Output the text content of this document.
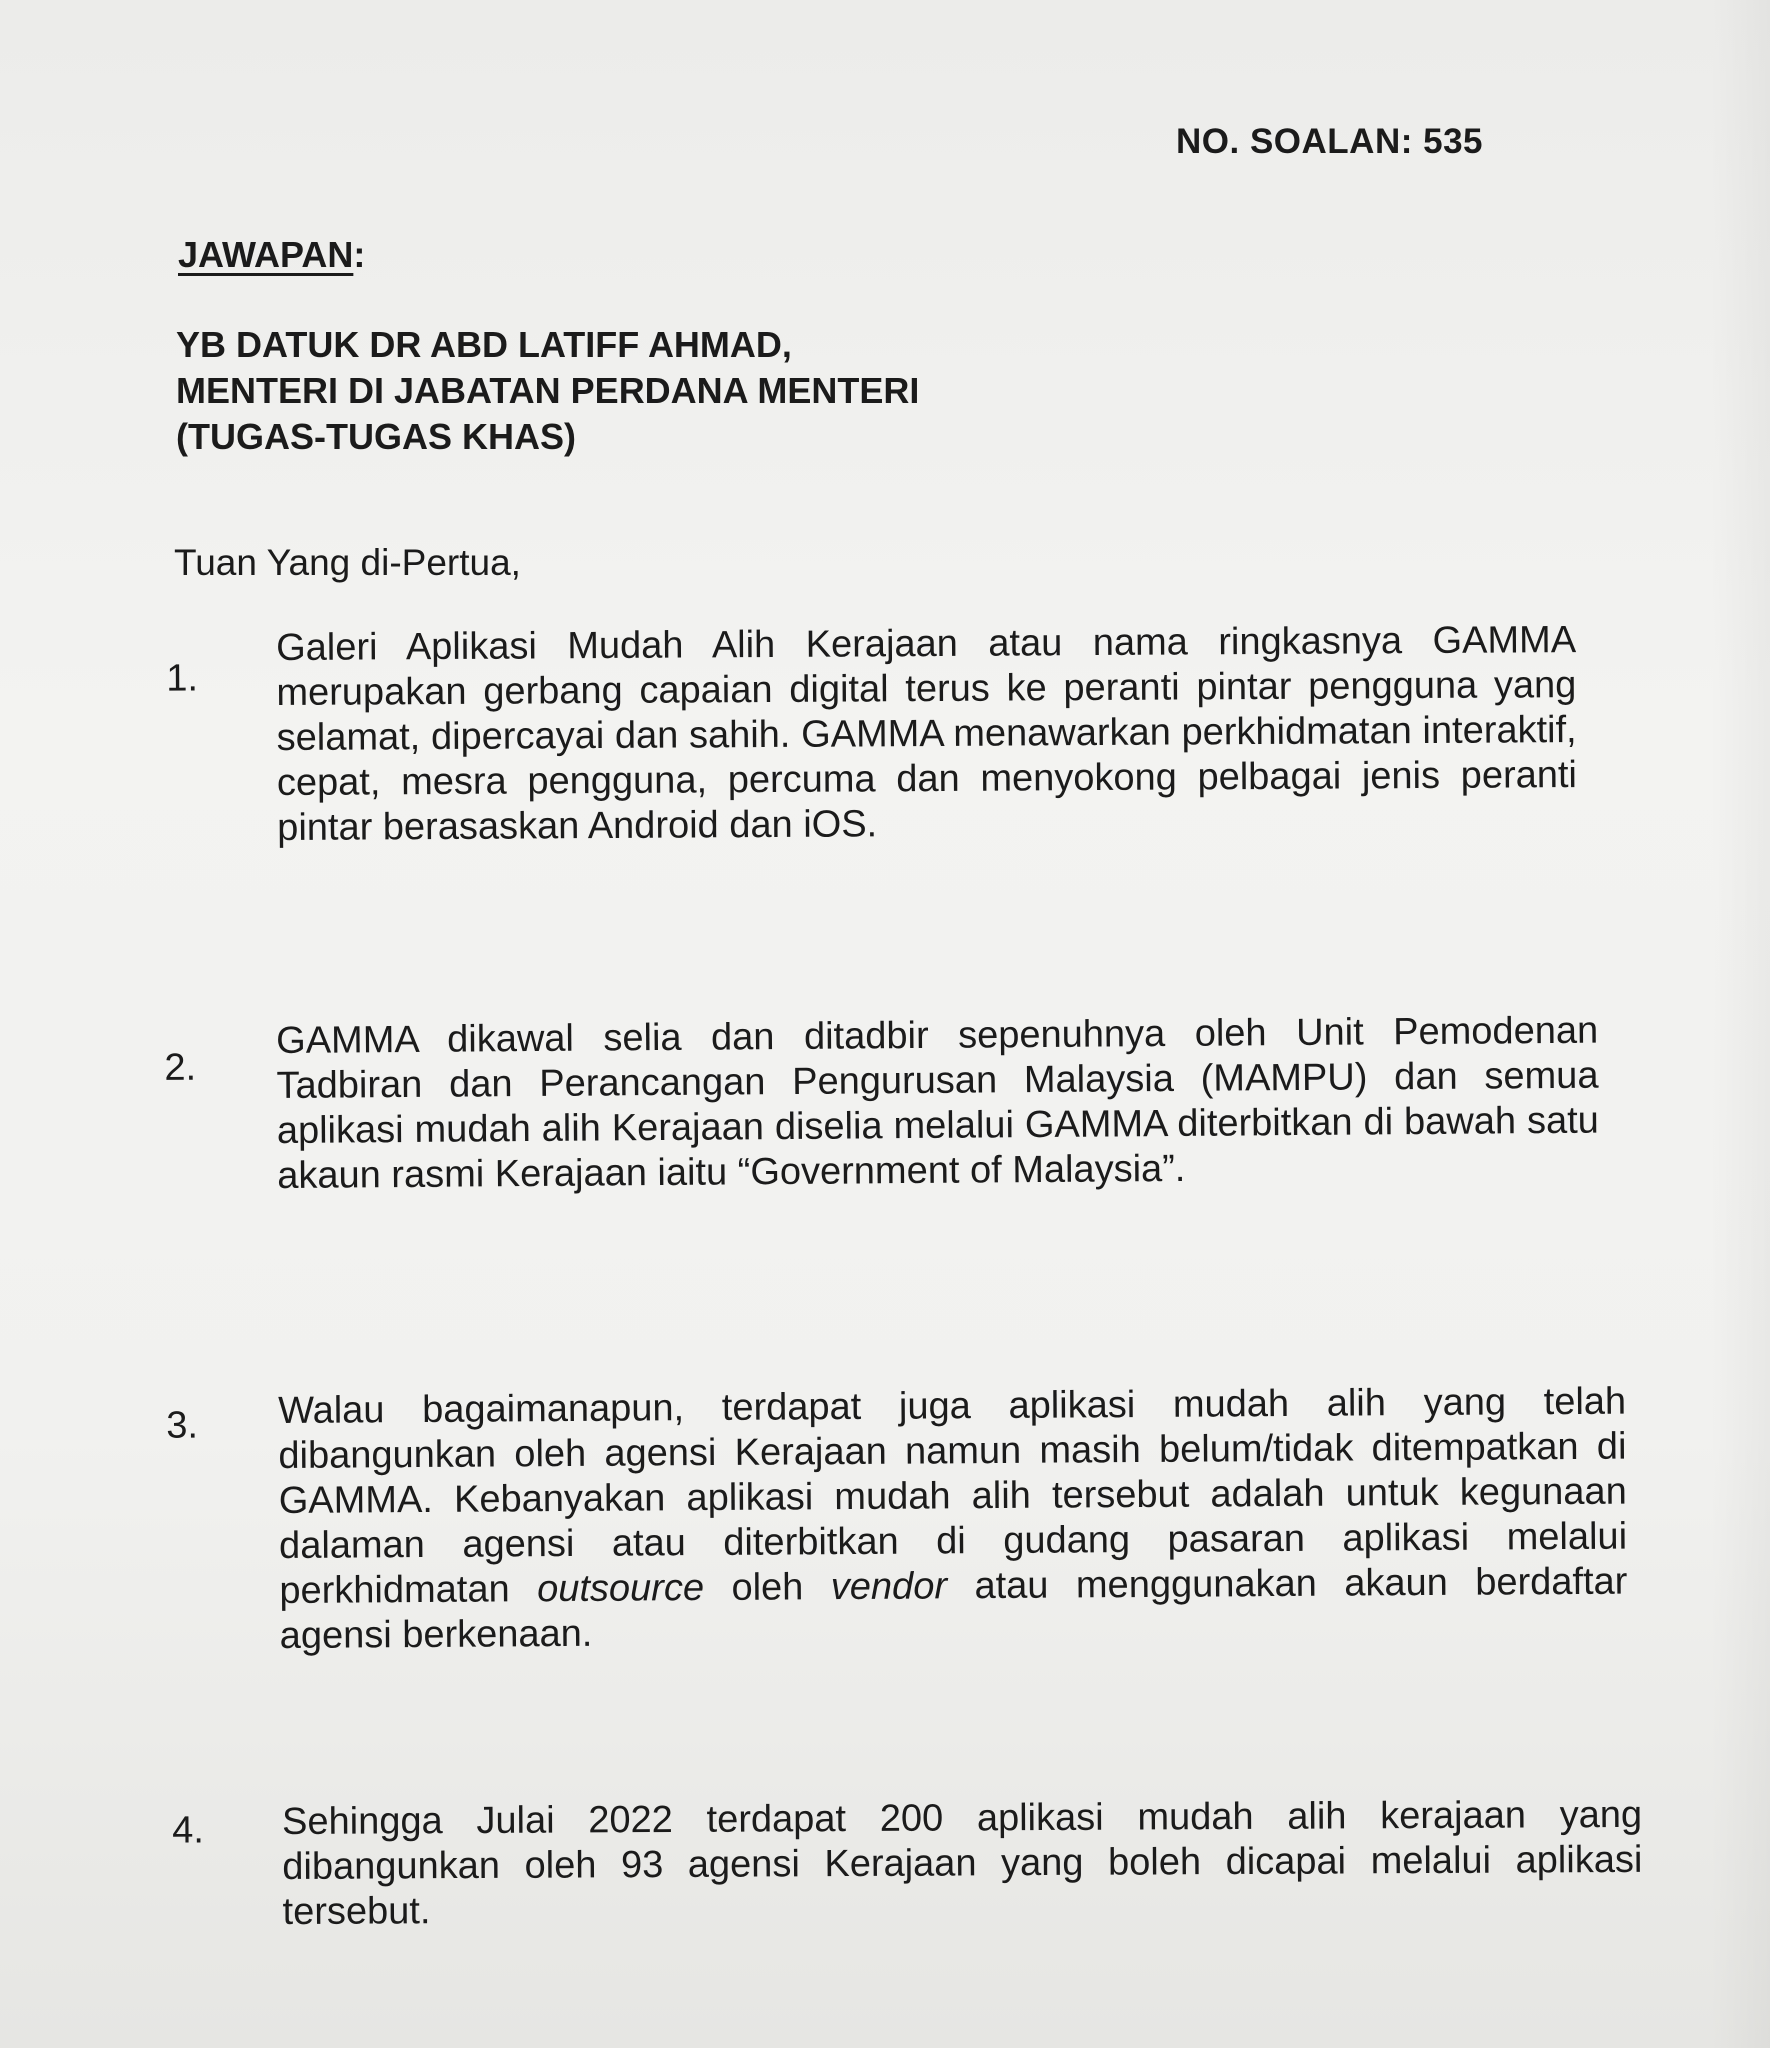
NO. SOALAN: 535
JAWAPAN:
YB DATUK DR ABD LATIFF AHMAD,
MENTERI DI JABATAN PERDANA MENTERI
(TUGAS-TUGAS KHAS)
Tuan Yang di-Pertua,
1.
Galeri Aplikasi Mudah Alih Kerajaan atau nama ringkasnya GAMMA merupakan gerbang capaian digital terus ke peranti pintar pengguna yang selamat, dipercayai dan sahih. GAMMA menawarkan perkhidmatan interaktif, cepat, mesra pengguna, percuma dan menyokong pelbagai jenis peranti pintar berasaskan Android dan iOS.
2.
GAMMA dikawal selia dan ditadbir sepenuhnya oleh Unit Pemodenan Tadbiran dan Perancangan Pengurusan Malaysia (MAMPU) dan semua aplikasi mudah alih Kerajaan diselia melalui GAMMA diterbitkan di bawah satu akaun rasmi Kerajaan iaitu “Government of Malaysia”.
3. Walau bagaimanapun, terdapat juga aplikasi mudah alih yang telah dibangunkan oleh agensi Kerajaan namun masih belum/tidak ditempatkan di GAMMA. Kebanyakan aplikasi mudah alih tersebut adalah untuk kegunaan dalaman agensi atau diterbitkan di gudang pasaran aplikasi melalui perkhidmatan outsource oleh vendor atau menggunakan akaun berdaftar agensi berkenaan.
4. Sehingga Julai 2022 terdapat 200 aplikasi mudah alih kerajaan yang dibangunkan oleh 93 agensi Kerajaan yang boleh dicapai melalui aplikasi tersebut.
